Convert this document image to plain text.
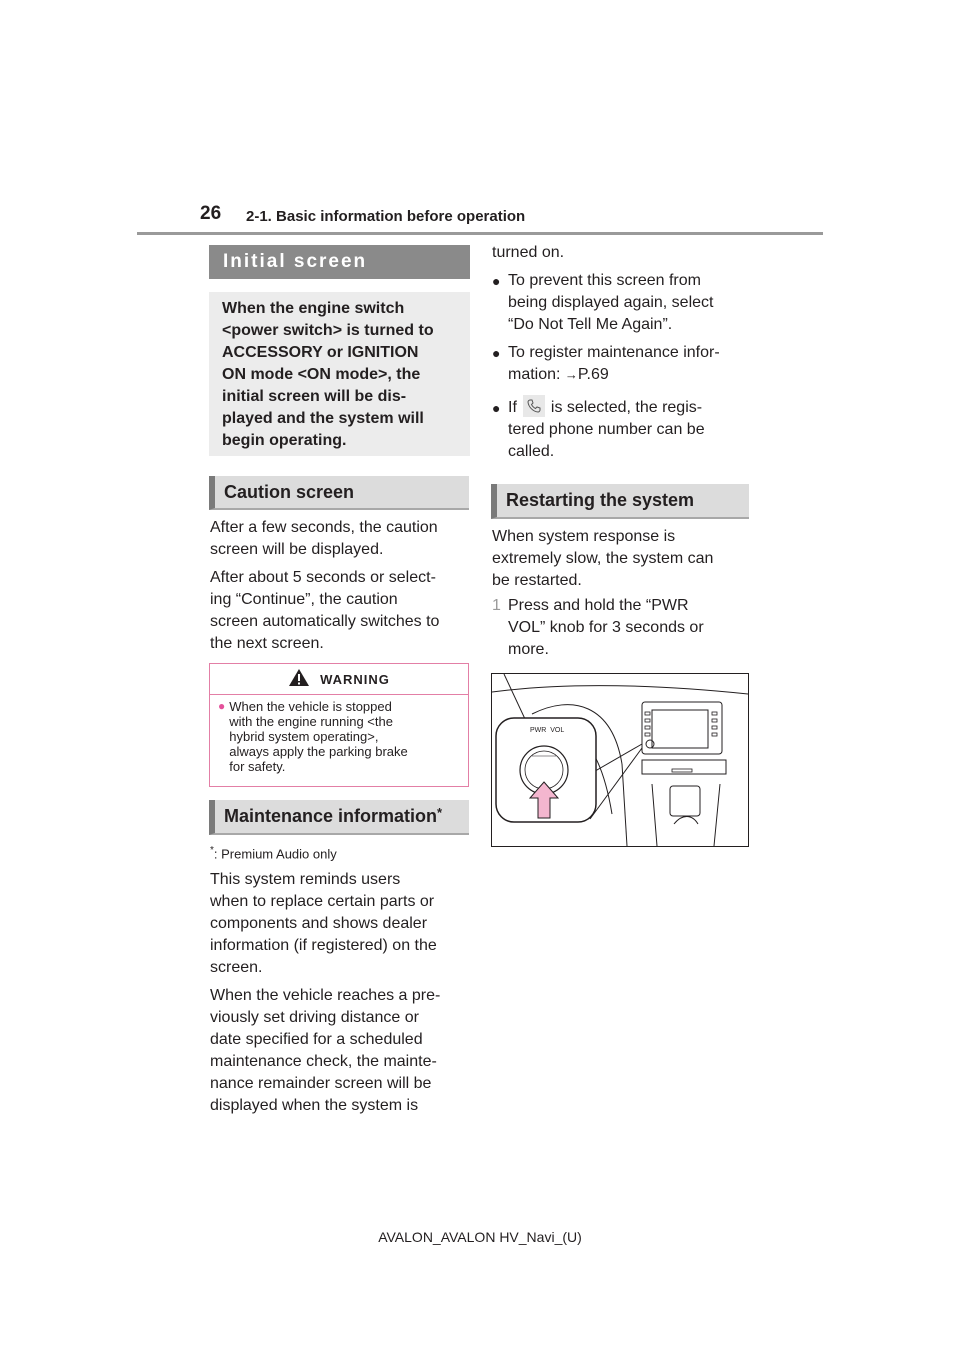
26 2-1. Basic information before operation
Initial screen
When the engine switch
<power switch> is turned to
ACCESSORY or IGNITION
ON mode <ON mode>, the
initial screen will be dis-
played and the system will
begin operating.
Caution screen
After a few seconds, the caution
screen will be displayed.
After about 5 seconds or select-
ing “Continue”, the caution
screen automatically switches to
the next screen.
WARNING
● When the vehicle is stopped
with the engine running <the
hybrid system operating>,
always apply the parking brake
for safety.
Maintenance information*
*: Premium Audio only
This system reminds users
when to replace certain parts or
components and shows dealer
information (if registered) on the
screen.
When the vehicle reaches a pre-
viously set driving distance or
date specified for a scheduled
maintenance check, the mainte-
nance remainder screen will be
displayed when the system is
turned on.
● To prevent this screen from
being displayed again, select
“Do Not Tell Me Again”.
● To register maintenance infor-
mation: →P.69
● If is selected, the regis-
tered phone number can be
called.
Restarting the system
When system response is
extremely slow, the system can
be restarted.
1 Press and hold the “PWR
VOL” knob for 3 seconds or
more.
PWR  VOL
AVALON_AVALON HV_Navi_(U)
